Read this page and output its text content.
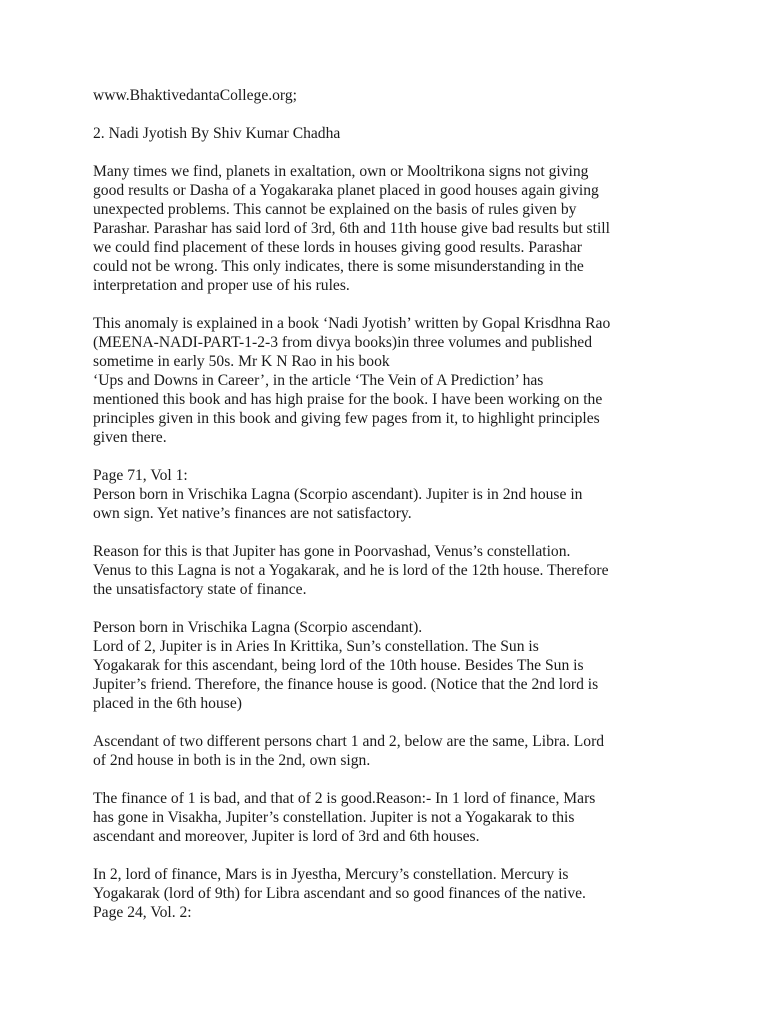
www.BhaktivedantaCollege.org;
2. Nadi Jyotish By Shiv Kumar Chadha
Many times we find, planets in exaltation, own or Mooltrikona signs not giving
good results or Dasha of a Yogakaraka planet placed in good houses again giving
unexpected problems. This cannot be explained on the basis of rules given by
Parashar. Parashar has said lord of 3rd, 6th and 11th house give bad results but still
we could find placement of these lords in houses giving good results. Parashar
could not be wrong. This only indicates, there is some misunderstanding in the
interpretation and proper use of his rules.
This anomaly is explained in a book ‘Nadi Jyotish’ written by Gopal Krisdhna Rao
(MEENA-NADI-PART-1-2-3 from divya books)in three volumes and published
sometime in early 50s. Mr K N Rao in his book
‘Ups and Downs in Career’, in the article ‘The Vein of A Prediction’ has
mentioned this book and has high praise for the book. I have been working on the
principles given in this book and giving few pages from it, to highlight principles
given there.
Page 71, Vol 1:
Person born in Vrischika Lagna (Scorpio ascendant). Jupiter is in 2nd house in
own sign. Yet native’s finances are not satisfactory.
Reason for this is that Jupiter has gone in Poorvashad, Venus’s constellation.
Venus to this Lagna is not a Yogakarak, and he is lord of the 12th house. Therefore
the unsatisfactory state of finance.
Person born in Vrischika Lagna (Scorpio ascendant).
Lord of 2, Jupiter is in Aries In Krittika, Sun’s constellation. The Sun is
Yogakarak for this ascendant, being lord of the 10th house. Besides The Sun is
Jupiter’s friend. Therefore, the finance house is good. (Notice that the 2nd lord is
placed in the 6th house)
Ascendant of two different persons chart 1 and 2, below are the same, Libra. Lord
of 2nd house in both is in the 2nd, own sign.
The finance of 1 is bad, and that of 2 is good.Reason:- In 1 lord of finance, Mars
has gone in Visakha, Jupiter’s constellation. Jupiter is not a Yogakarak to this
ascendant and moreover, Jupiter is lord of 3rd and 6th houses.
In 2, lord of finance, Mars is in Jyestha, Mercury’s constellation. Mercury is
Yogakarak (lord of 9th) for Libra ascendant and so good finances of the native.
Page 24, Vol. 2:
